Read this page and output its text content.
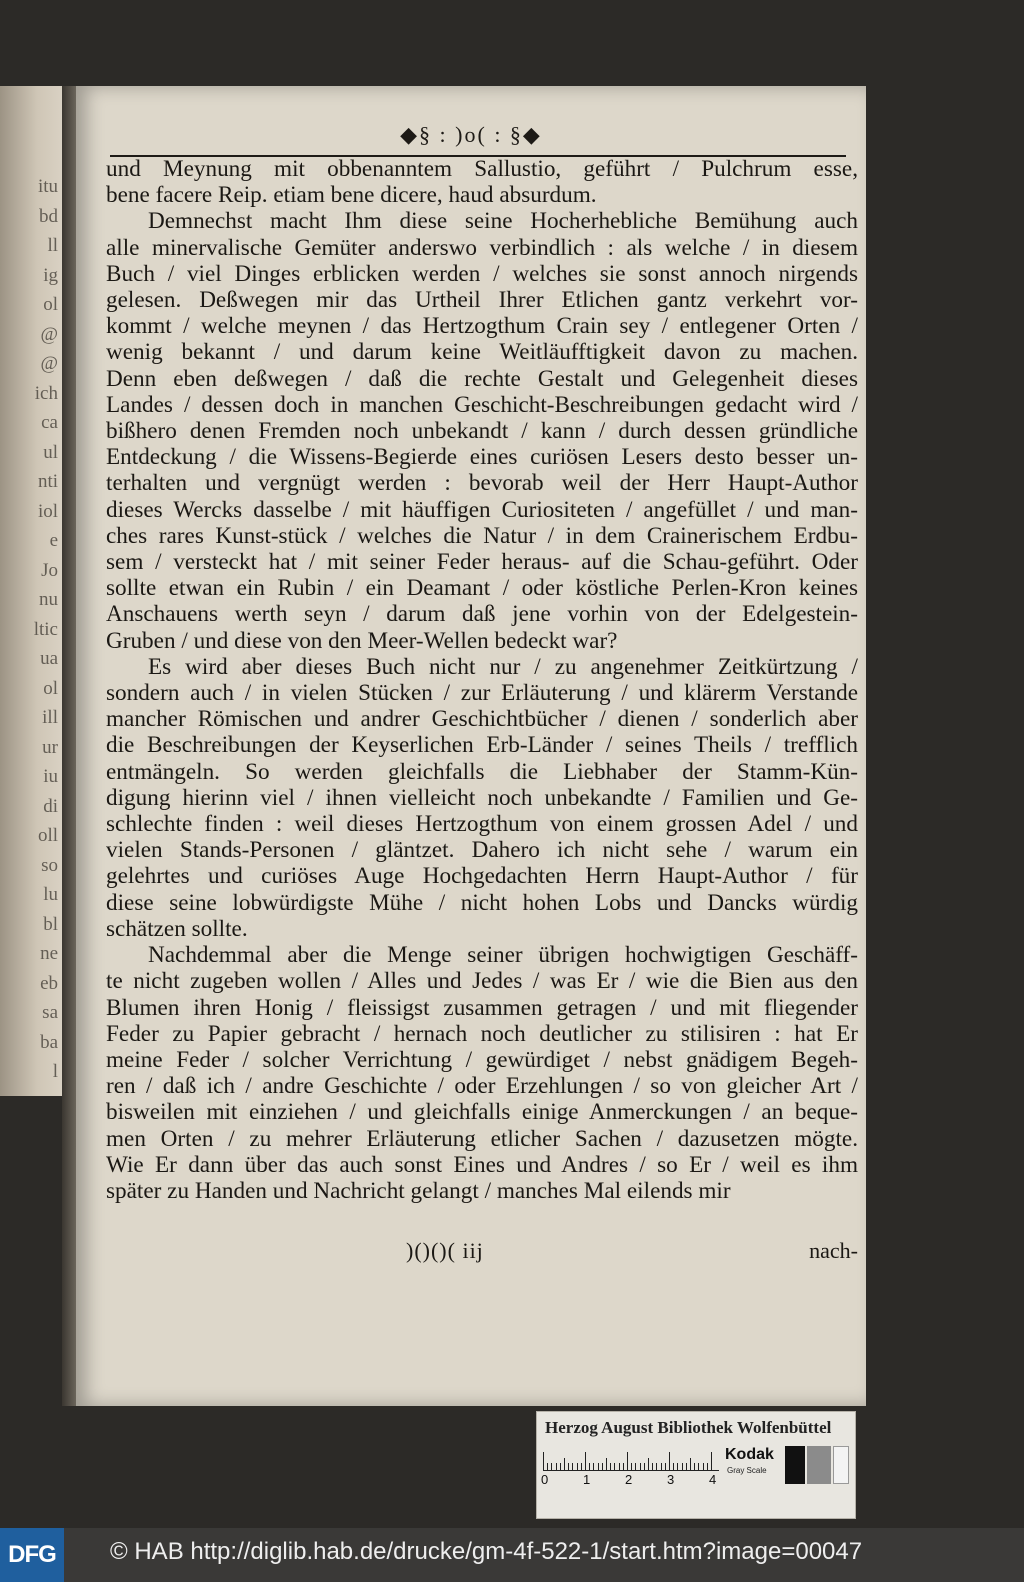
itu
bd
ll
ig
ol
@
@
ich
ca
ul
nti
iol
e
Jo
nu
ltic
ua
ol
ill
ur
iu
di
oll
so
lu
bl
ne
eb
sa
ba
l
◆§ : )o( : §◆

und Meynung mit obbenanntem Sallustio, geführt / Pulchrum esse,

bene facere Reip. etiam bene dicere, haud absurdum.

Demnechst macht Ihm diese seine Hocherhebliche Bemühung auch

alle minervalische Gemüter anderswo verbindlich : als welche / in diesem

Buch / viel Dinges erblicken werden / welches sie sonst annoch nirgends

gelesen. Deßwegen mir das Urtheil Ihrer Etlichen gantz verkehrt vor-

kommt / welche meynen / das Hertzogthum Crain sey / entlegener Orten /

wenig bekannt / und darum keine Weitläufftigkeit davon zu machen.

Denn eben deßwegen / daß die rechte Gestalt und Gelegenheit dieses

Landes / dessen doch in manchen Geschicht-Beschreibungen gedacht wird /

bißhero denen Fremden noch unbekandt / kann / durch dessen gründliche

Entdeckung / die Wissens-Begierde eines curiösen Lesers desto besser un-

terhalten und vergnügt werden : bevorab weil der Herr Haupt-Author

dieses Wercks dasselbe / mit häuffigen Curiositeten / angefüllet / und man-

ches rares Kunst-stück / welches die Natur / in dem Crainerischem Erdbu-

sem / versteckt hat / mit seiner Feder heraus- auf die Schau-geführt. Oder

sollte etwan ein Rubin / ein Deamant / oder köstliche Perlen-Kron keines

Anschauens werth seyn / darum daß jene vorhin von der Edelgestein-

Gruben / und diese von den Meer-Wellen bedeckt war?

Es wird aber dieses Buch nicht nur / zu angenehmer Zeitkürtzung /

sondern auch / in vielen Stücken / zur Erläuterung / und klärerm Verstande

mancher Römischen und andrer Geschichtbücher / dienen / sonderlich aber

die Beschreibungen der Keyserlichen Erb-Länder / seines Theils / trefflich

entmängeln. So werden gleichfalls die Liebhaber der Stamm-Kün-

digung hierinn viel / ihnen vielleicht noch unbekandte / Familien und Ge-

schlechte finden : weil dieses Hertzogthum von einem grossen Adel / und

vielen Stands-Personen / gläntzet. Dahero ich nicht sehe / warum ein

gelehrtes und curiöses Auge Hochgedachten Herrn Haupt-Author / für

diese seine lobwürdigste Mühe / nicht hohen Lobs und Dancks würdig

schätzen sollte.

Nachdemmal aber die Menge seiner übrigen hochwigtigen Geschäff-

te nicht zugeben wollen / Alles und Jedes / was Er / wie die Bien aus den

Blumen ihren Honig / fleissigst zusammen getragen / und mit fliegender

Feder zu Papier gebracht / hernach noch deutlicher zu stilisiren : hat Er

meine Feder / solcher Verrichtung / gewürdiget / nebst gnädigem Begeh-

ren / daß ich / andre Geschichte / oder Erzehlungen / so von gleicher Art /

bisweilen mit einziehen / und gleichfalls einige Anmerckungen / an beque-

men Orten / zu mehrer Erläuterung etlicher Sachen / dazusetzen mögte.

Wie Er dann über das auch sonst Eines und Andres / so Er / weil es ihm

später zu Handen und Nachricht gelangt / manches Mal eilends mir

)()()( iij	nach-
Herzog August Bibliothek Wolfenbüttel
Kodak
Gray Scale
0	1	2	3	4
DFG	© HAB http://diglib.hab.de/drucke/gm-4f-522-1/start.htm?image=00047
